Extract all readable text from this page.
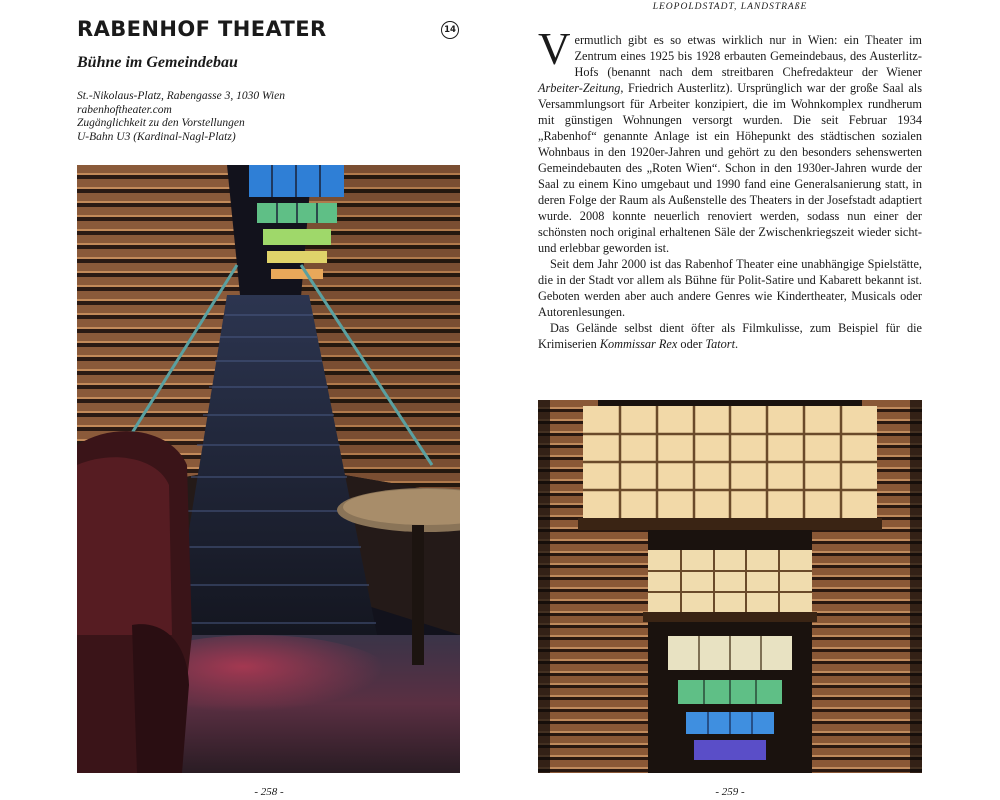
RABENHOF THEATER	14
Bühne im Gemeindebau
St.-Nikolaus-Platz, Rabengasse 3, 1030 Wien
rabenhoftheater.com
Zugänglichkeit zu den Vorstellungen
U-Bahn U3 (Kardinal-Nagl-Platz)
- 258 -
LEOPOLDSTADT, LANDSTRAßE

Vermutlich gibt es so etwas wirklich nur in Wien: ein Theater im Zentrum eines 1925 bis 1928 erbauten Gemeindebaus, des Austerlitz-Hofs (benannt nach dem streitbaren Chefredakteur der Wiener Arbeiter-Zeitung, Friedrich Austerlitz). Ursprünglich war der große Saal als Versammlungsort für Arbeiter konzipiert, die im Wohnkomplex rundherum mit günstigen Wohnungen versorgt wurden. Die seit Februar 1934 „Rabenhof“ genannte Anlage ist ein Höhepunkt des städtischen sozialen Wohnbaus in den 1920er-Jahren und gehört zu den besonders sehenswerten Gemeindebauten des „Roten Wien“. Schon in den 1930er-Jahren wurde der Saal zu einem Kino umgebaut und 1990 fand eine Generalsanierung statt, in deren Folge der Raum als Außenstelle des Theaters in der Josefstadt adaptiert wurde. 2008 konnte neuerlich renoviert werden, sodass nun einer der schönsten noch original erhaltenen Säle der Zwischenkriegszeit wieder sicht- und erlebbar geworden ist.

Seit dem Jahr 2000 ist das Rabenhof Theater eine unabhängige Spielstätte, die in der Stadt vor allem als Bühne für Polit-Satire und Kabarett bekannt ist. Geboten werden aber auch andere Genres wie Kindertheater, Musicals oder Autorenlesungen.

Das Gelände selbst dient öfter als Filmkulisse, zum Beispiel für die Krimiserien Kommissar Rex oder Tatort.

- 259 -
